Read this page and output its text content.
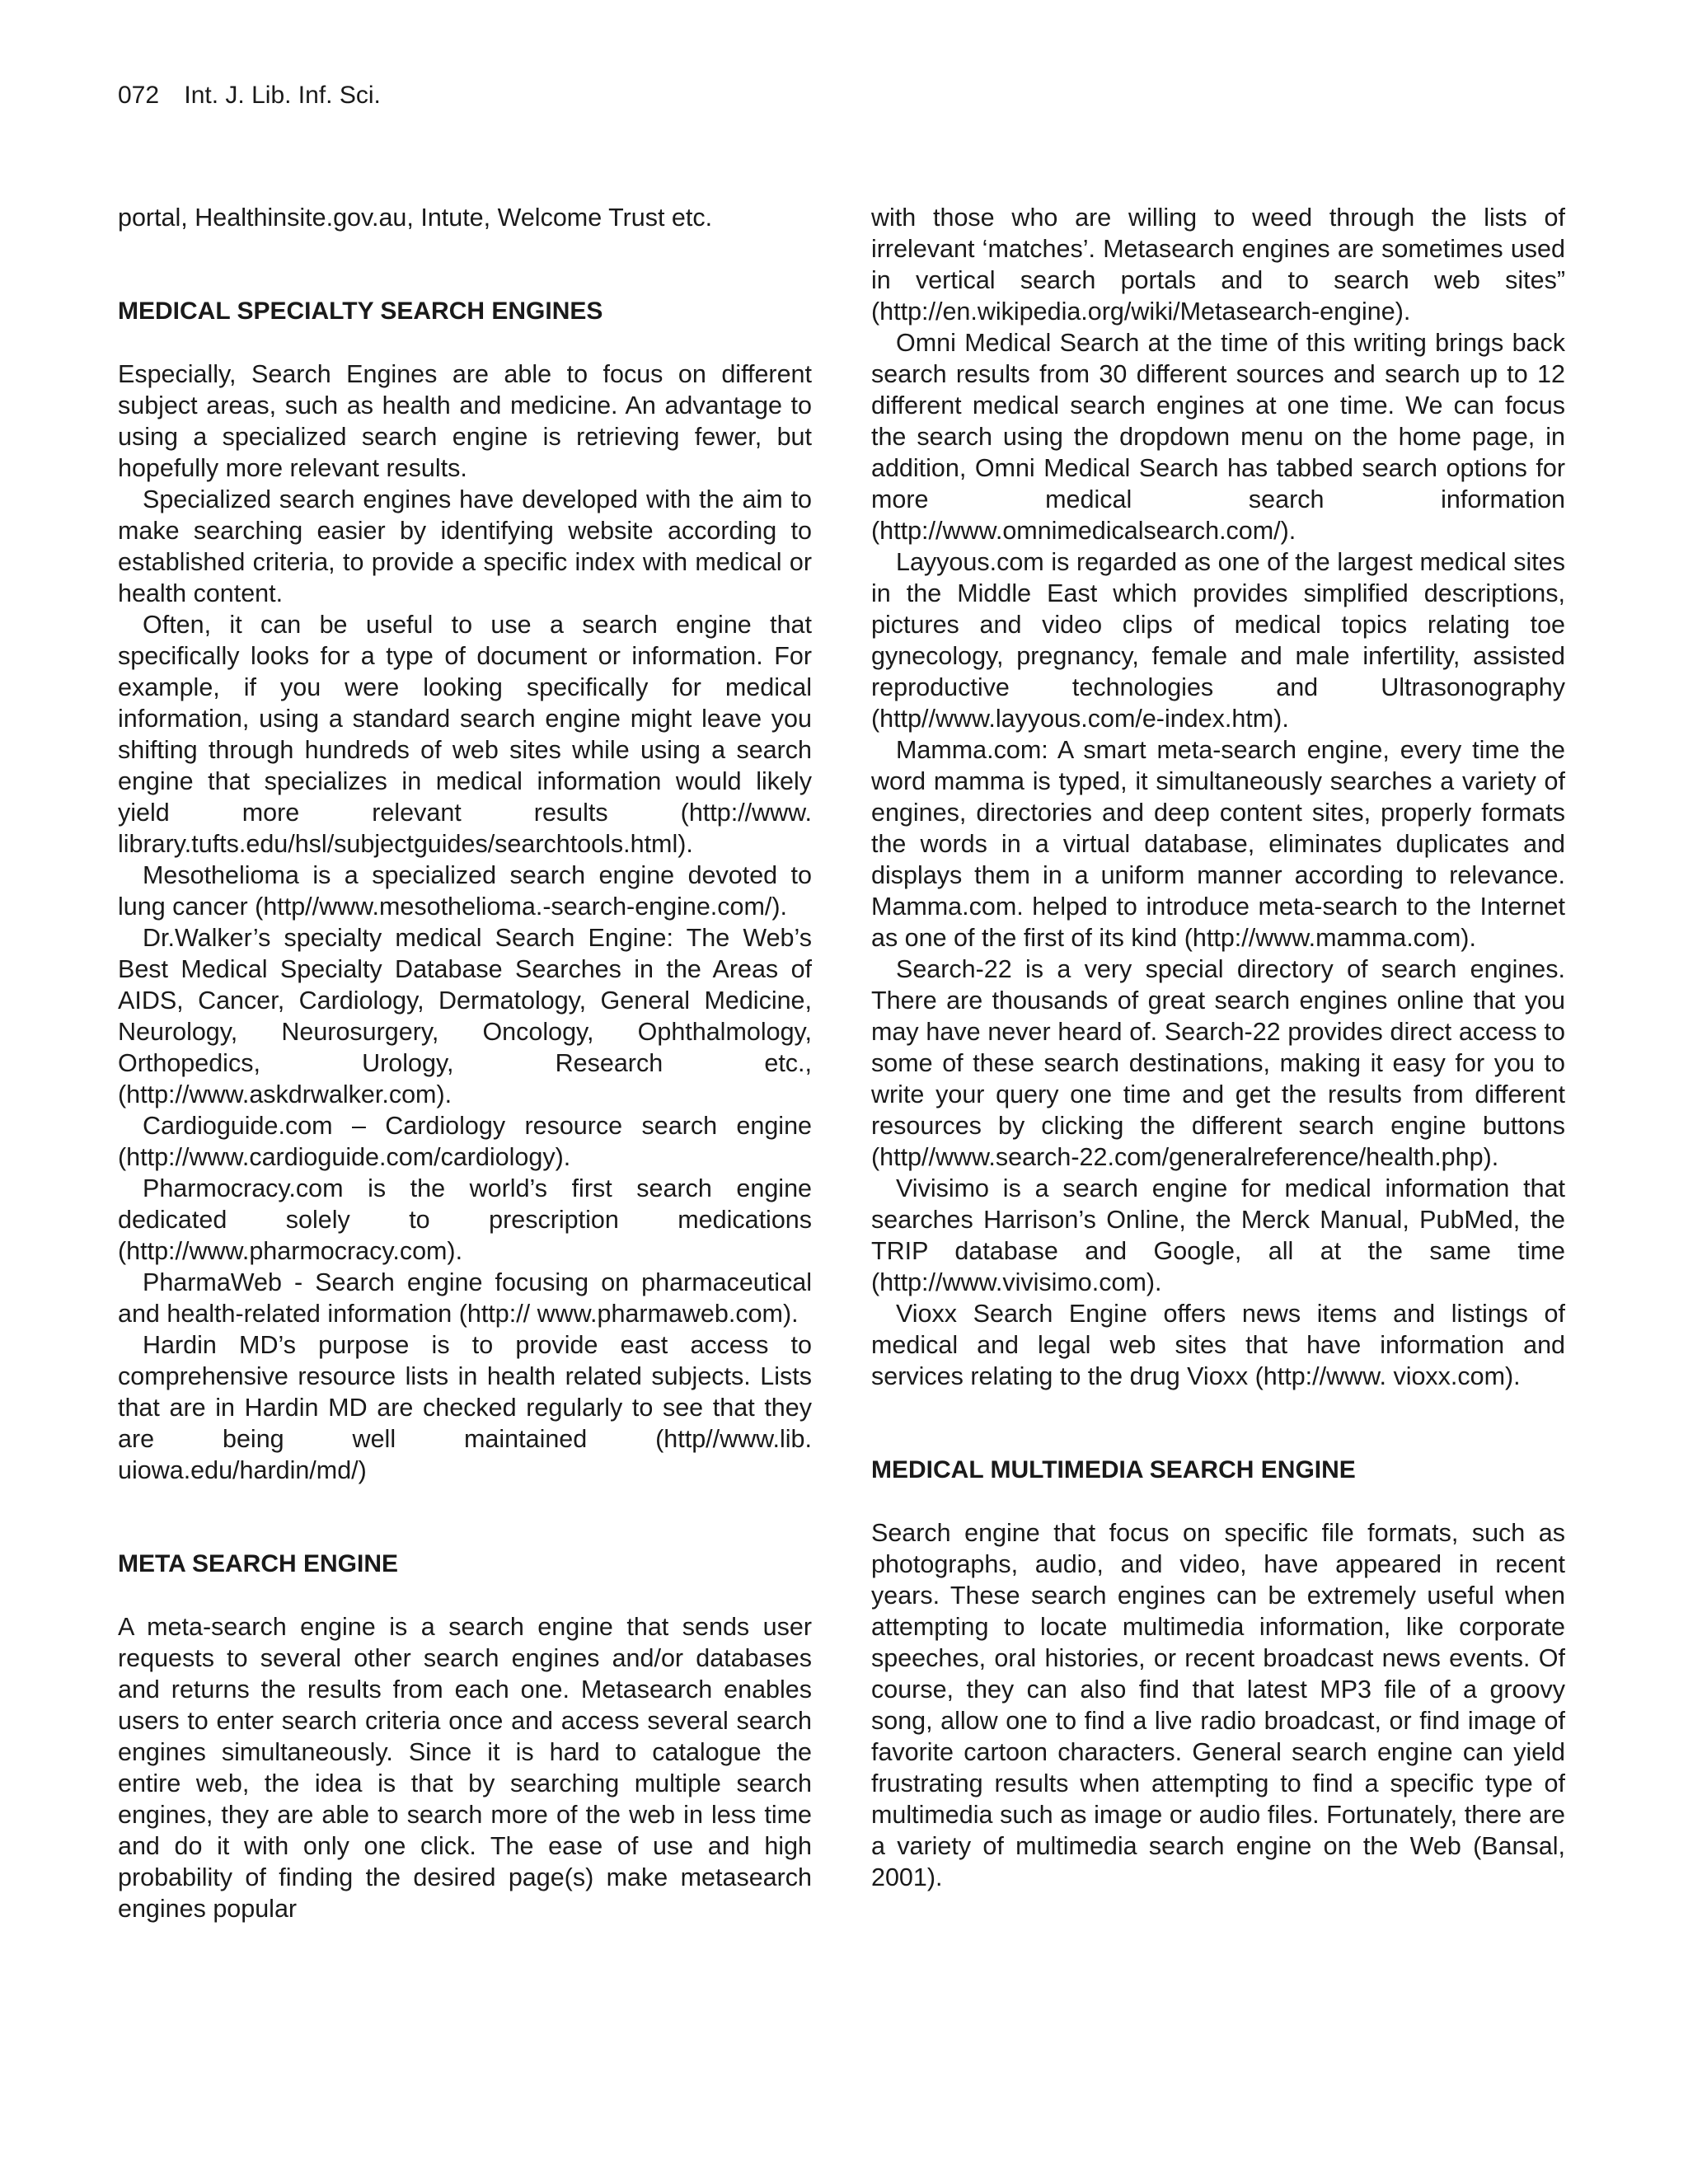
072 Int. J. Lib. Inf. Sci.

portal, Healthinsite.gov.au, Intute, Welcome Trust etc.

MEDICAL SPECIALTY SEARCH ENGINES

Especially, Search Engines are able to focus on different subject areas, such as health and medicine. An advantage to using a specialized search engine is retrieving fewer, but hopefully more relevant results.

Specialized search engines have developed with the aim to make searching easier by identifying website according to established criteria, to provide a specific index with medical or health content.

Often, it can be useful to use a search engine that specifically looks for a type of document or information. For example, if you were looking specifically for medical information, using a standard search engine might leave you shifting through hundreds of web sites while using a search engine that specializes in medical information would likely yield more relevant results (http://www. library.tufts.edu/hsl/subjectguides/searchtools.html).

Mesothelioma is a specialized search engine devoted to lung cancer (http//www.mesothelioma.-search-engine.com/).

Dr.Walker’s specialty medical Search Engine: The Web’s Best Medical Specialty Database Searches in the Areas of AIDS, Cancer, Cardiology, Dermatology, General Medicine, Neurology, Neurosurgery, Oncology, Ophthalmology, Orthopedics, Urology, Research etc., (http://www.askdrwalker.com).

Cardioguide.com – Cardiology resource search engine (http://www.cardioguide.com/cardiology).

Pharmocracy.com is the world’s first search engine dedicated solely to prescription medications (http://www.pharmocracy.com).

PharmaWeb - Search engine focusing on pharmaceutical and health-related information (http:// www.pharmaweb.com).

Hardin MD’s purpose is to provide east access to comprehensive resource lists in health related subjects. Lists that are in Hardin MD are checked regularly to see that they are being well maintained (http//www.lib. uiowa.edu/hardin/md/)

META SEARCH ENGINE

A meta-search engine is a search engine that sends user requests to several other search engines and/or databases and returns the results from each one. Metasearch enables users to enter search criteria once and access several search engines simultaneously. Since it is hard to catalogue the entire web, the idea is that by searching multiple search engines, they are able to search more of the web in less time and do it with only one click. The ease of use and high probability of finding the desired page(s) make metasearch engines popular

with those who are willing to weed through the lists of irrelevant ‘matches’. Metasearch engines are sometimes used in vertical search portals and to search web sites” (http://en.wikipedia.org/wiki/Metasearch-engine).

Omni Medical Search at the time of this writing brings back search results from 30 different sources and search up to 12 different medical search engines at one time. We can focus the search using the dropdown menu on the home page, in addition, Omni Medical Search has tabbed search options for more medical search information (http://www.omnimedicalsearch.com/).

Layyous.com is regarded as one of the largest medical sites in the Middle East which provides simplified descriptions, pictures and video clips of medical topics relating toe gynecology, pregnancy, female and male infertility, assisted reproductive technologies and Ultrasonography (http//www.layyous.com/e-index.htm).

Mamma.com: A smart meta-search engine, every time the word mamma is typed, it simultaneously searches a variety of engines, directories and deep content sites, properly formats the words in a virtual database, eliminates duplicates and displays them in a uniform manner according to relevance. Mamma.com. helped to introduce meta-search to the Internet as one of the first of its kind (http://www.mamma.com).

Search-22 is a very special directory of search engines. There are thousands of great search engines online that you may have never heard of. Search-22 provides direct access to some of these search destinations, making it easy for you to write your query one time and get the results from different resources by clicking the different search engine buttons (http//www.search-22.com/generalreference/health.php).

Vivisimo is a search engine for medical information that searches Harrison’s Online, the Merck Manual, PubMed, the TRIP database and Google, all at the same time (http://www.vivisimo.com).

Vioxx Search Engine offers news items and listings of medical and legal web sites that have information and services relating to the drug Vioxx (http://www. vioxx.com).

MEDICAL MULTIMEDIA SEARCH ENGINE

Search engine that focus on specific file formats, such as photographs, audio, and video, have appeared in recent years. These search engines can be extremely useful when attempting to locate multimedia information, like corporate speeches, oral histories, or recent broadcast news events. Of course, they can also find that latest MP3 file of a groovy song, allow one to find a live radio broadcast, or find image of favorite cartoon characters. General search engine can yield frustrating results when attempting to find a specific type of multimedia such as image or audio files. Fortunately, there are a variety of multimedia search engine on the Web (Bansal, 2001).
